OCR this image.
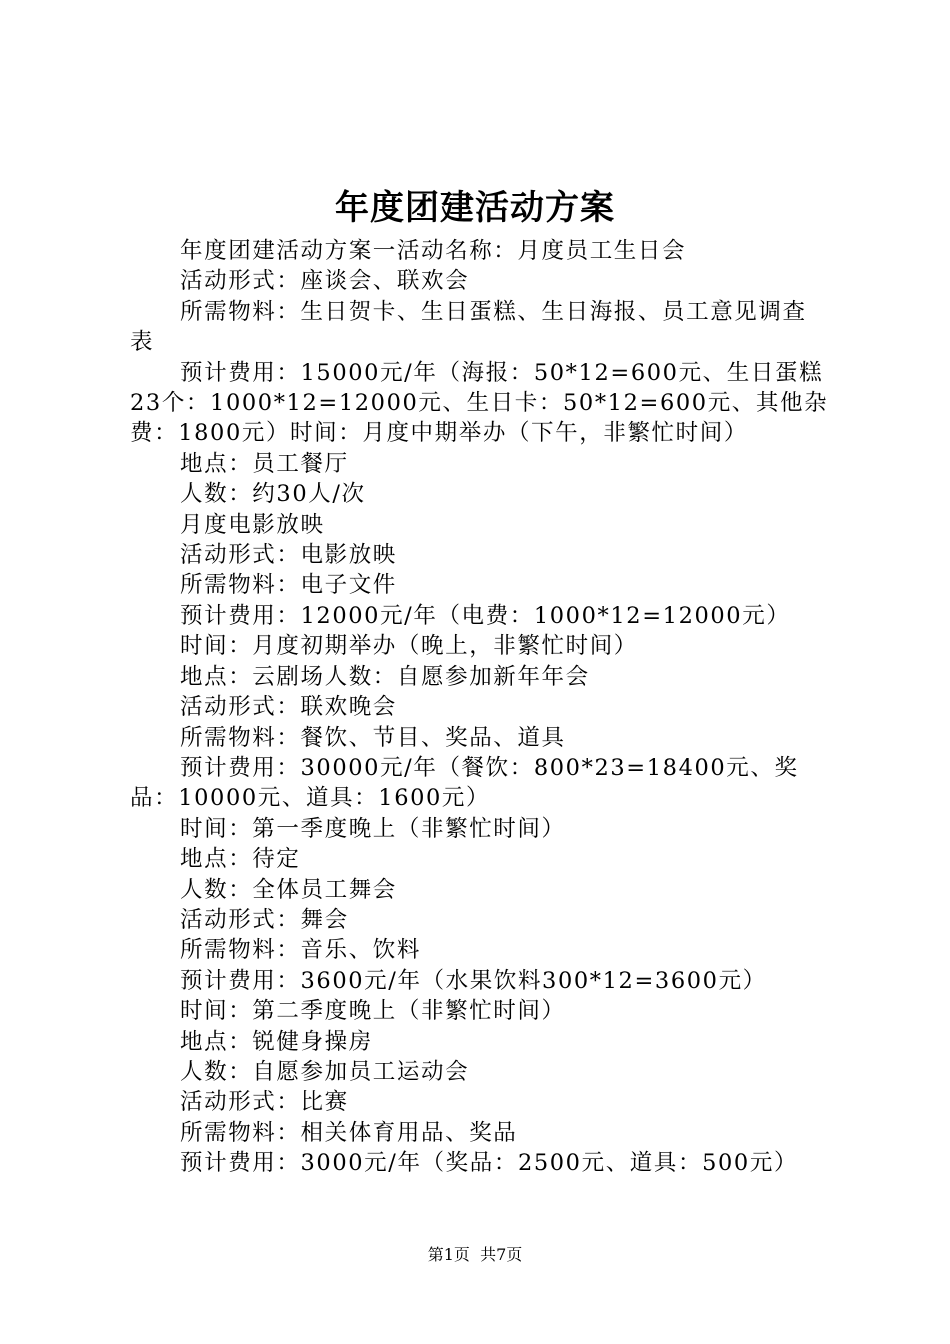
年度团建活动方案

年度团建活动方案一活动名称：月度员工生日会

活动形式：座谈会、联欢会

所需物料：生日贺卡、生日蛋糕、生日海报、员工意见调查表

预计费用：15000元/年（海报：50*12=600元、生日蛋糕23个：1000*12=12000元、生日卡：50*12=600元、其他杂费：1800元）时间：月度中期举办（下午，非繁忙时间）

地点：员工餐厅

人数：约30人/次

月度电影放映

活动形式：电影放映

所需物料：电子文件

预计费用：12000元/年（电费：1000*12=12000元）

时间：月度初期举办（晚上，非繁忙时间）

地点：云剧场人数：自愿参加新年年会

活动形式：联欢晚会

所需物料：餐饮、节目、奖品、道具

预计费用：30000元/年（餐饮：800*23=18400元、奖品：10000元、道具：1600元）

时间：第一季度晚上（非繁忙时间）

地点：待定

人数：全体员工舞会

活动形式：舞会

所需物料：音乐、饮料

预计费用：3600元/年（水果饮料300*12=3600元）

时间：第二季度晚上（非繁忙时间）

地点：锐健身操房

人数：自愿参加员工运动会

活动形式：比赛

所需物料：相关体育用品、奖品

预计费用：3000元/年（奖品：2500元、道具：500元）

第1页  共7页
